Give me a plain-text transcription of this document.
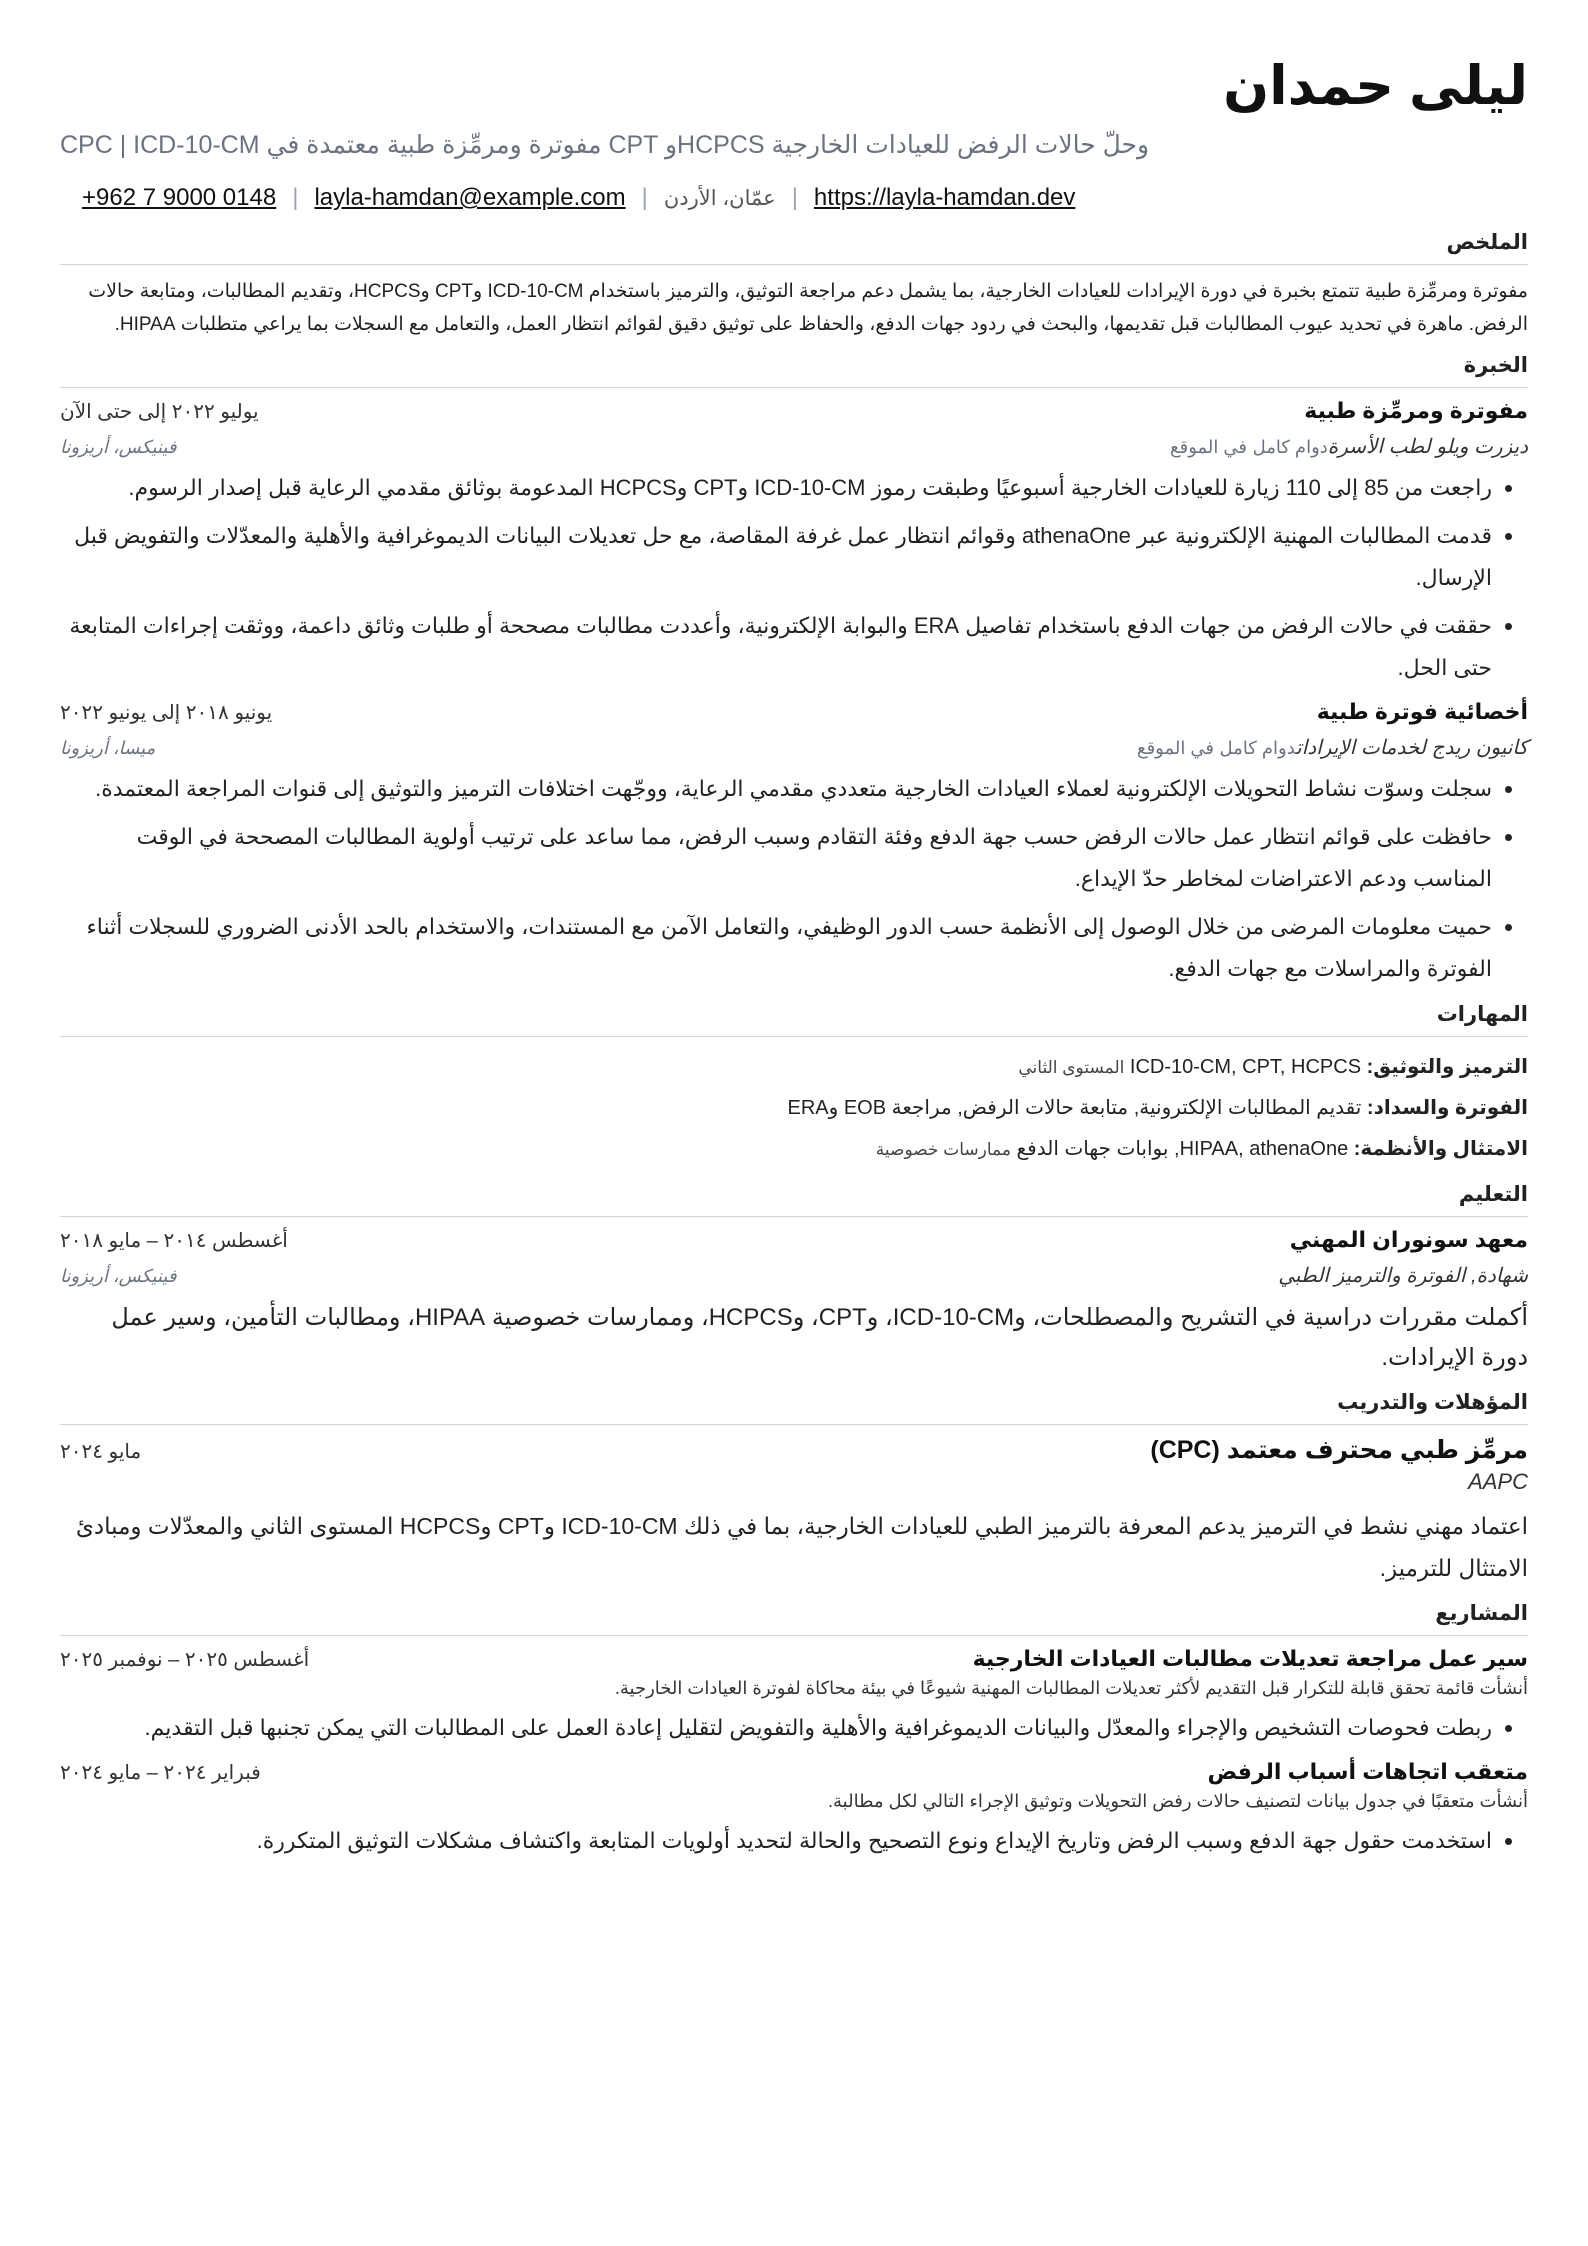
ليلى حمدان
CPC | ICD-10-CM مفوترة ومرمِّزة طبية معتمدة في CPT وHCPCS وحلّ حالات الرفض للعيادات الخارجية
+962 7 9000 0148 | layla-hamdan@example.com | عمّان، الأردن | https://layla-hamdan.dev
الملخص
مفوترة ومرمِّزة طبية تتمتع بخبرة في دورة الإيرادات للعيادات الخارجية، بما يشمل دعم مراجعة التوثيق، والترميز باستخدام ICD-10-CM وCPT وHCPCS، وتقديم المطالبات، ومتابعة حالات الرفض. ماهرة في تحديد عيوب المطالبات قبل تقديمها، والبحث في ردود جهات الدفع، والحفاظ على توثيق دقيق لقوائم انتظار العمل، والتعامل مع السجلات بما يراعي متطلبات HIPAA.
الخبرة
مفوترة ومرمِّزة طبية
يوليو ٢٠٢٢ إلى حتى الآن
ديزرت ويلو لطب الأسرةدوام كامل في الموقع
فينيكس، أريزونا
• راجعت من 85 إلى 110 زيارة للعيادات الخارجية أسبوعيًا وطبقت رموز ICD-10-CM وCPT وHCPCS المدعومة بوثائق مقدمي الرعاية قبل إصدار الرسوم.
• قدمت المطالبات المهنية الإلكترونية عبر athenaOne وقوائم انتظار عمل غرفة المقاصة، مع حل تعديلات البيانات الديموغرافية والأهلية والمعدّلات والتفويض قبل الإرسال.
• حققت في حالات الرفض من جهات الدفع باستخدام تفاصيل ERA والبوابة الإلكترونية، وأعددت مطالبات مصححة أو طلبات وثائق داعمة، ووثقت إجراءات المتابعة حتى الحل.
أخصائية فوترة طبية
يونيو ٢٠١٨ إلى يونيو ٢٠٢٢
كانيون ريدج لخدمات الإيراداتدوام كامل في الموقع
ميسا، أريزونا
• سجلت وسوّت نشاط التحويلات الإلكترونية لعملاء العيادات الخارجية متعددي مقدمي الرعاية، ووجّهت اختلافات الترميز والتوثيق إلى قنوات المراجعة المعتمدة.
• حافظت على قوائم انتظار عمل حالات الرفض حسب جهة الدفع وفئة التقادم وسبب الرفض، مما ساعد على ترتيب أولوية المطالبات المصححة في الوقت المناسب ودعم الاعتراضات لمخاطر حدّ الإيداع.
• حميت معلومات المرضى من خلال الوصول إلى الأنظمة حسب الدور الوظيفي، والتعامل الآمن مع المستندات، والاستخدام بالحد الأدنى الضروري للسجلات أثناء الفوترة والمراسلات مع جهات الدفع.
المهارات
الترميز والتوثيق: ICD-10-CM, CPT, HCPCS المستوى الثاني
الفوترة والسداد: تقديم المطالبات الإلكترونية, متابعة حالات الرفض, مراجعة EOB وERA
الامتثال والأنظمة: HIPAA, athenaOne, بوابات جهات الدفع ممارسات خصوصية
التعليم
معهد سونوران المهني
أغسطس ٢٠١٤ – مايو ٢٠١٨
شهادة, الفوترة والترميز الطبي
فينيكس، أريزونا
أكملت مقررات دراسية في التشريح والمصطلحات، وICD-10-CM، وCPT، وHCPCS، وممارسات خصوصية HIPAA، ومطالبات التأمين، وسير عمل دورة الإيرادات.
المؤهلات والتدريب
مرمِّز طبي محترف معتمد (CPC)
مايو ٢٠٢٤
AAPC
اعتماد مهني نشط في الترميز يدعم المعرفة بالترميز الطبي للعيادات الخارجية، بما في ذلك ICD-10-CM وCPT وHCPCS المستوى الثاني والمعدّلات ومبادئ الامتثال للترميز.
المشاريع
سير عمل مراجعة تعديلات مطالبات العيادات الخارجية
أغسطس ٢٠٢٥ – نوفمبر ٢٠٢٥
أنشأت قائمة تحقق قابلة للتكرار قبل التقديم لأكثر تعديلات المطالبات المهنية شيوعًا في بيئة محاكاة لفوترة العيادات الخارجية.
• ربطت فحوصات التشخيص والإجراء والمعدّل والبيانات الديموغرافية والأهلية والتفويض لتقليل إعادة العمل على المطالبات التي يمكن تجنبها قبل التقديم.
متعقب اتجاهات أسباب الرفض
فبراير ٢٠٢٤ – مايو ٢٠٢٤
أنشأت متعقبًا في جدول بيانات لتصنيف حالات رفض التحويلات وتوثيق الإجراء التالي لكل مطالبة.
• استخدمت حقول جهة الدفع وسبب الرفض وتاريخ الإيداع ونوع التصحيح والحالة لتحديد أولويات المتابعة واكتشاف مشكلات التوثيق المتكررة.
